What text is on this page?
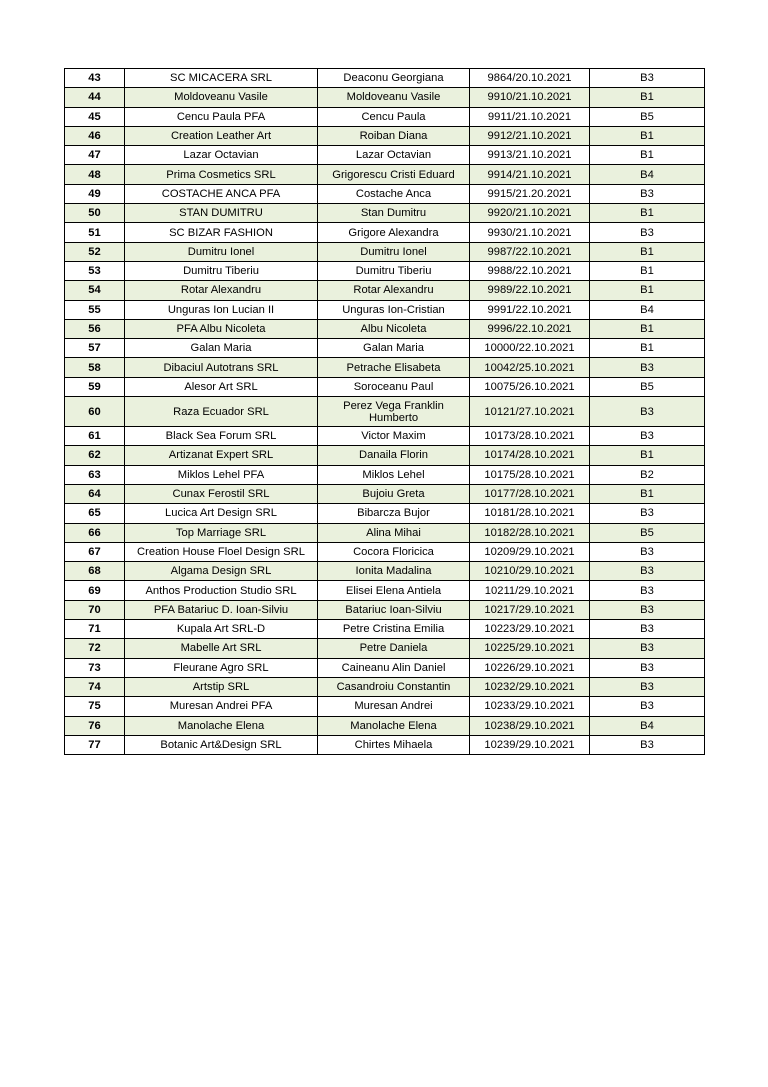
43	SC MICACERA SRL	Deaconu Georgiana	9864/20.10.2021	B3
44	Moldoveanu Vasile	Moldoveanu Vasile	9910/21.10.2021	B1
45	Cencu Paula PFA	Cencu Paula	9911/21.10.2021	B5
46	Creation Leather Art	Roiban Diana	9912/21.10.2021	B1
47	Lazar Octavian	Lazar Octavian	9913/21.10.2021	B1
48	Prima Cosmetics SRL	Grigorescu Cristi Eduard	9914/21.10.2021	B4
49	COSTACHE ANCA PFA	Costache Anca	9915/21.20.2021	B3
50	STAN DUMITRU	Stan Dumitru	9920/21.10.2021	B1
51	SC BIZAR FASHION	Grigore Alexandra	9930/21.10.2021	B3
52	Dumitru Ionel	Dumitru Ionel	9987/22.10.2021	B1
53	Dumitru Tiberiu	Dumitru Tiberiu	9988/22.10.2021	B1
54	Rotar Alexandru	Rotar Alexandru	9989/22.10.2021	B1
55	Unguras Ion Lucian II	Unguras Ion-Cristian	9991/22.10.2021	B4
56	PFA Albu Nicoleta	Albu Nicoleta	9996/22.10.2021	B1
57	Galan Maria	Galan Maria	10000/22.10.2021	B1
58	Dibaciul Autotrans SRL	Petrache Elisabeta	10042/25.10.2021	B3
59	Alesor Art SRL	Soroceanu Paul	10075/26.10.2021	B5
60	Raza Ecuador SRL	Perez Vega Franklin Humberto	10121/27.10.2021	B3
61	Black Sea Forum SRL	Victor Maxim	10173/28.10.2021	B3
62	Artizanat Expert SRL	Danaila Florin	10174/28.10.2021	B1
63	Miklos Lehel PFA	Miklos Lehel	10175/28.10.2021	B2
64	Cunax Ferostil SRL	Bujoiu Greta	10177/28.10.2021	B1
65	Lucica Art Design SRL	Bibarcza Bujor	10181/28.10.2021	B3
66	Top Marriage SRL	Alina Mihai	10182/28.10.2021	B5
67	Creation House Floel Design SRL	Cocora Floricica	10209/29.10.2021	B3
68	Algama Design SRL	Ionita Madalina	10210/29.10.2021	B3
69	Anthos Production Studio SRL	Elisei Elena Antiela	10211/29.10.2021	B3
70	PFA Batariuc D. Ioan-Silviu	Batariuc Ioan-Silviu	10217/29.10.2021	B3
71	Kupala Art SRL-D	Petre Cristina Emilia	10223/29.10.2021	B3
72	Mabelle Art SRL	Petre Daniela	10225/29.10.2021	B3
73	Fleurane Agro SRL	Caineanu Alin Daniel	10226/29.10.2021	B3
74	Artstip SRL	Casandroiu Constantin	10232/29.10.2021	B3
75	Muresan Andrei PFA	Muresan Andrei	10233/29.10.2021	B3
76	Manolache Elena	Manolache Elena	10238/29.10.2021	B4
77	Botanic Art&Design SRL	Chirtes Mihaela	10239/29.10.2021	B3
